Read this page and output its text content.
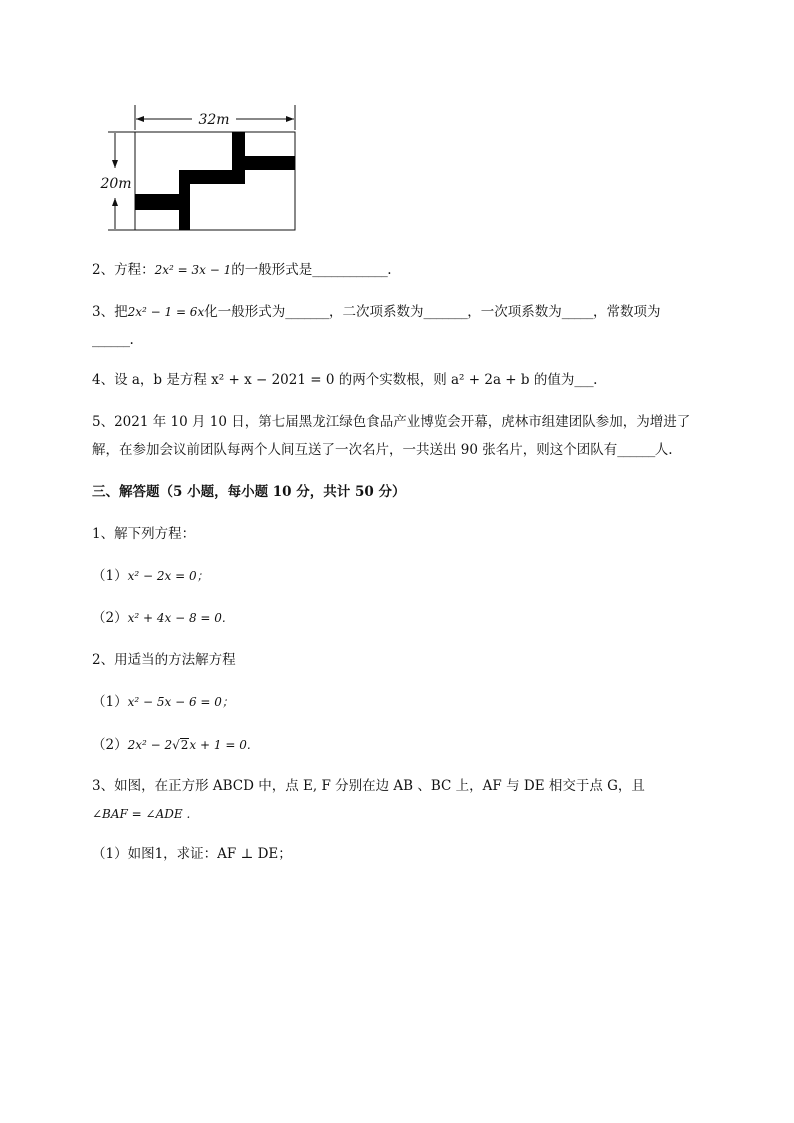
32m
20m
2、方程：2x² = 3x − 1的一般形式是____________.
3、把2x² − 1 = 6x化一般形式为_______，二次项系数为_______，一次项系数为_____，常数项为
______.
4、设 a，b 是方程 x² + x − 2021 = 0 的两个实数根，则 a² + 2a + b 的值为___.
5、2021 年 10 月 10 日，第七届黑龙江绿色食品产业博览会开幕，虎林市组建团队参加，为增进了
解，在参加会议前团队每两个人间互送了一次名片，一共送出 90 张名片，则这个团队有______人.
三、解答题（5 小题，每小题 10 分，共计 50 分）
1、解下列方程：
（1）x² − 2x = 0；
（2）x² + 4x − 8 = 0.
2、用适当的方法解方程
（1）x² − 5x − 6 = 0；
（2）2x² − 2√2x + 1 = 0.
3、如图，在正方形 ABCD 中，点 E, F 分别在边 AB 、BC 上，AF 与 DE 相交于点 G，且
∠BAF = ∠ADE .
（1）如图1，求证：AF ⊥ DE；
